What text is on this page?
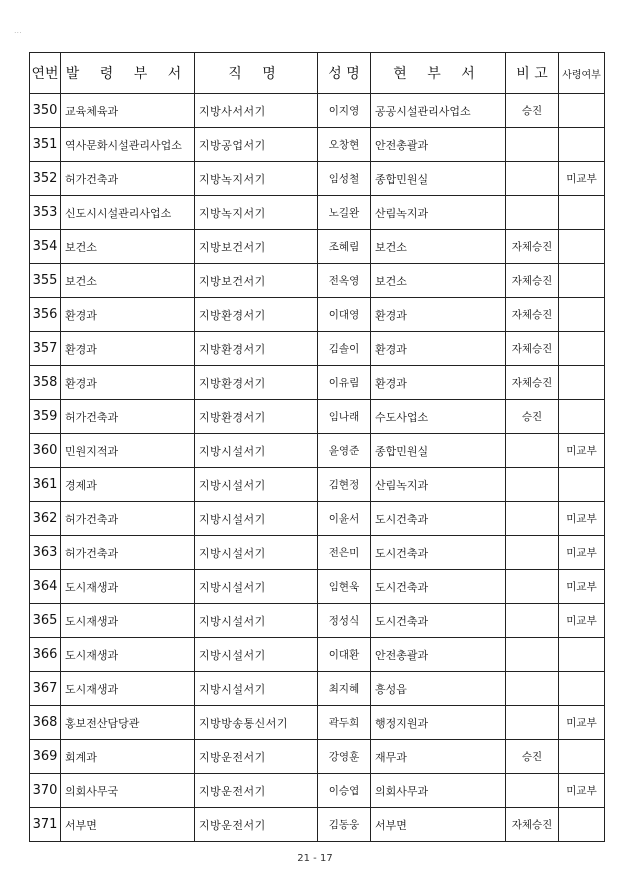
...
연번	발 령 부 서	직 명	성 명	현 부 서	비 고	사령여부
350	교육체육과	지방사서서기	이지영	공공시설관리사업소	승진	
351	역사문화시설관리사업소	지방공업서기	오창현	안전총괄과		
352	허가건축과	지방녹지서기	임성철	종합민원실		미교부
353	신도시시설관리사업소	지방녹지서기	노길완	산림녹지과		
354	보건소	지방보건서기	조혜림	보건소	자체승진	
355	보건소	지방보건서기	전옥영	보건소	자체승진	
356	환경과	지방환경서기	이대영	환경과	자체승진	
357	환경과	지방환경서기	김솔이	환경과	자체승진	
358	환경과	지방환경서기	이유림	환경과	자체승진	
359	허가건축과	지방환경서기	임나래	수도사업소	승진	
360	민원지적과	지방시설서기	윤영준	종합민원실		미교부
361	경제과	지방시설서기	김현정	산림녹지과		
362	허가건축과	지방시설서기	이윤서	도시건축과		미교부
363	허가건축과	지방시설서기	전은미	도시건축과		미교부
364	도시재생과	지방시설서기	임현욱	도시건축과		미교부
365	도시재생과	지방시설서기	정성식	도시건축과		미교부
366	도시재생과	지방시설서기	이대환	안전총괄과		
367	도시재생과	지방시설서기	최지혜	흥성읍		
368	홍보전산담당관	지방방송통신서기	곽두희	행정지원과		미교부
369	회계과	지방운전서기	강영훈	재무과	승진	
370	의회사무국	지방운전서기	이승엽	의회사무과		미교부
371	서부면	지방운전서기	김동웅	서부면	자체승진	
21 - 17
